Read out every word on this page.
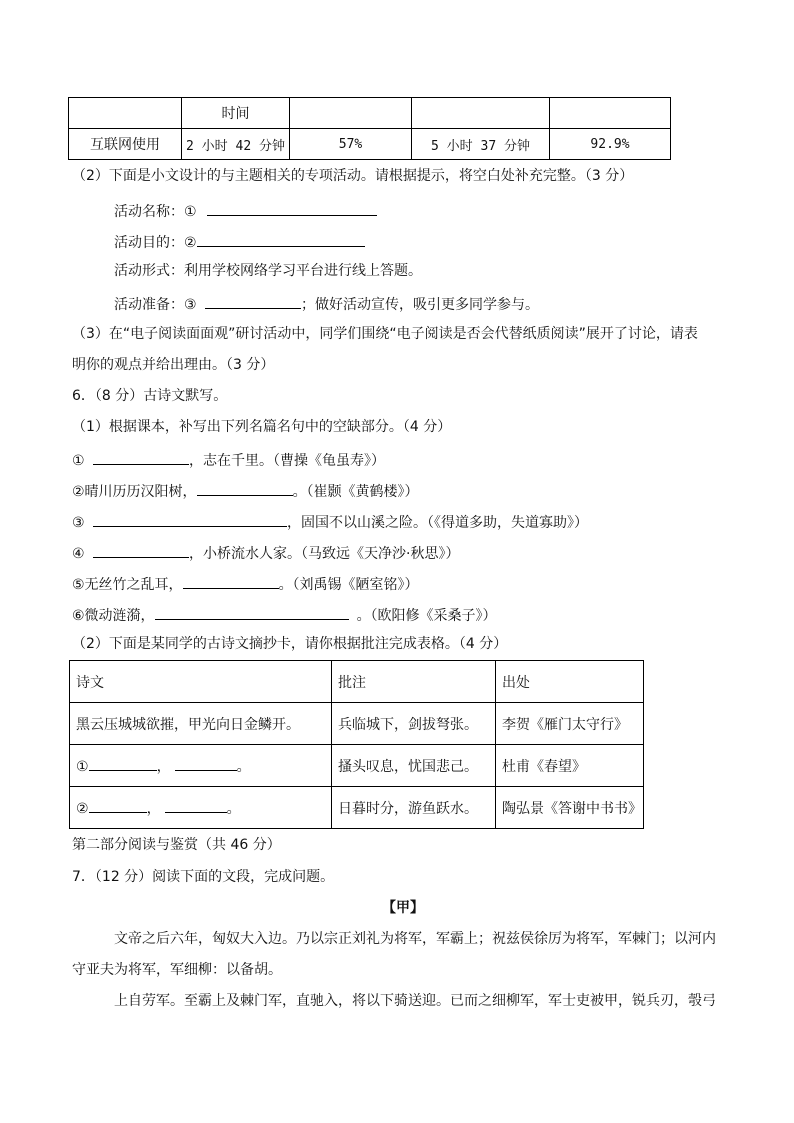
	时间			
互联网使用	2 小时 42 分钟	57%	5 小时 37 分钟	92.9%
（2）下面是小文设计的与主题相关的专项活动。请根据提示，将空白处补充完整。（3 分）
活动名称：①
活动目的：②
活动形式：利用学校网络学习平台进行线上答题。
活动准备：③	；做好活动宣传，吸引更多同学参与。
（3）在“电子阅读面面观”研讨活动中，同学们围绕“电子阅读是否会代替纸质阅读”展开了讨论，请表
明你的观点并给出理由。（3 分）
6．（8 分）古诗文默写。
（1）根据课本，补写出下列名篇名句中的空缺部分。（4 分）
①	，志在千里。（曹操《龟虽寿》）
②晴川历历汉阳树，	。（崔颢《黄鹤楼》）
③	，固国不以山溪之险。（《得道多助，失道寡助》）
④	，小桥流水人家。（马致远《天净沙·秋思》）
⑤无丝竹之乱耳，	。（刘禹锡《陋室铭》）
⑥微动涟漪，	。（欧阳修《采桑子》）
（2）下面是某同学的古诗文摘抄卡，请你根据批注完成表格。（4 分）
诗文	批注	出处
黑云压城城欲摧，甲光向日金鳞开。	兵临城下，剑拔弩张。	李贺《雁门太守行》
① ， 。	搔头叹息，忧国悲己。	杜甫《春望》
② ， 。	日暮时分，游鱼跃水。	陶弘景《答谢中书书》
第二部分阅读与鉴赏（共 46 分）
7．（12 分）阅读下面的文段，完成问题。
【甲】
文帝之后六年，匈奴大入边。乃以宗正刘礼为将军，军霸上；祝兹侯徐厉为将军，军棘门；以河内
守亚夫为将军，军细柳：以备胡。
上自劳军。至霸上及棘门军，直驰入，将以下骑送迎。已而之细柳军，军士吏被甲，锐兵刃，彀弓
